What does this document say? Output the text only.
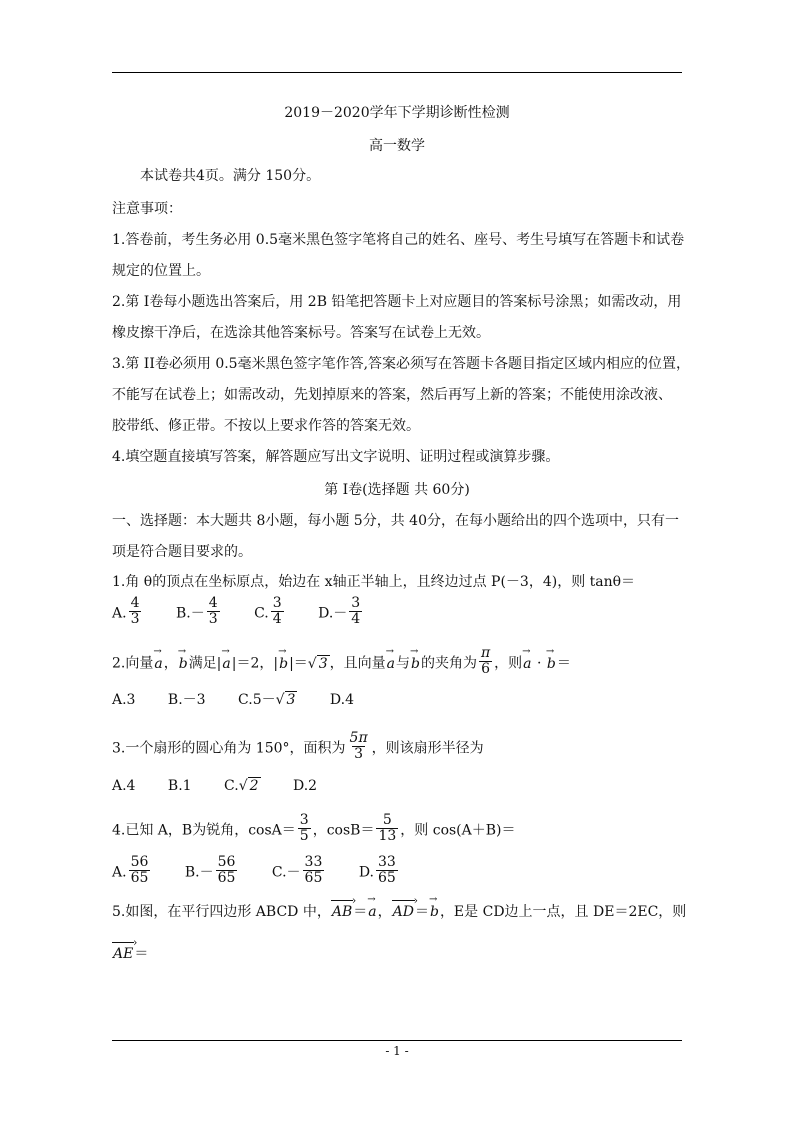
2019－2020学年下学期诊断性检测
高一数学
本试卷共4页。满分 150分。
注意事项：
1.答卷前，考生务必用 0.5毫米黑色签字笔将自己的姓名、座号、考生号填写在答题卡和试卷
规定的位置上。
2.第 I卷每小题选出答案后，用 2B 铅笔把答题卡上对应题目的答案标号涂黑；如需改动，用
橡皮擦干净后，在选涂其他答案标号。答案写在试卷上无效。
3.第 II卷必须用 0.5毫米黑色签字笔作答,答案必须写在答题卡各题目指定区域内相应的位置，
不能写在试卷上；如需改动，先划掉原来的答案，然后再写上新的答案；不能使用涂改液、
胶带纸、修正带。不按以上要求作答的答案无效。
4.填空题直接填写答案，解答题应写出文字说明、证明过程或演算步骤。
第 I卷(选择题 共 60分)
一、选择题：本大题共 8小题，每小题 5分，共 40分，在每小题给出的四个选项中，只有一
项是符合题目要求的。
1.角 θ的顶点在坐标原点，始边在 x轴正半轴上，且终边过点 P(－3，4)，则 tanθ＝
A. $\frac{4}{3} B.- \frac{4}{3} C$. $\frac{3}{4} D.- \frac{3}{4}$
2.向量→ a，→ b满足|→ a|＝2，|→ b|＝√ 3 ，且向量→ a与→ b的夹角为 $\frac{\pi}{6}$ ，则→ a · → b＝
A.3 B.－3 C.5－√ 3 D.4
3.一个扇形的圆心角为 150°，面积为 $\frac{5\pi}{3}$ ，则该扇形半径为
A.4 B.1 C.√ 2 D.2
4.已知 A，B为锐角，$\cos A= \frac{3}{5}$ ，$\cos B= \frac{5}{13}$ ，则 cos(A＋B)＝
A. $\frac{56}{65} B.- \frac{56}{65} C.- \frac{33}{65} D$. $\frac{33}{65}$
5.如图，在平行四边形 ABCD 中，AB ›＝→ a，AD ›＝→ b，E是 CD边上一点，且 DE＝2EC，则
AE ›＝
- 1 -
